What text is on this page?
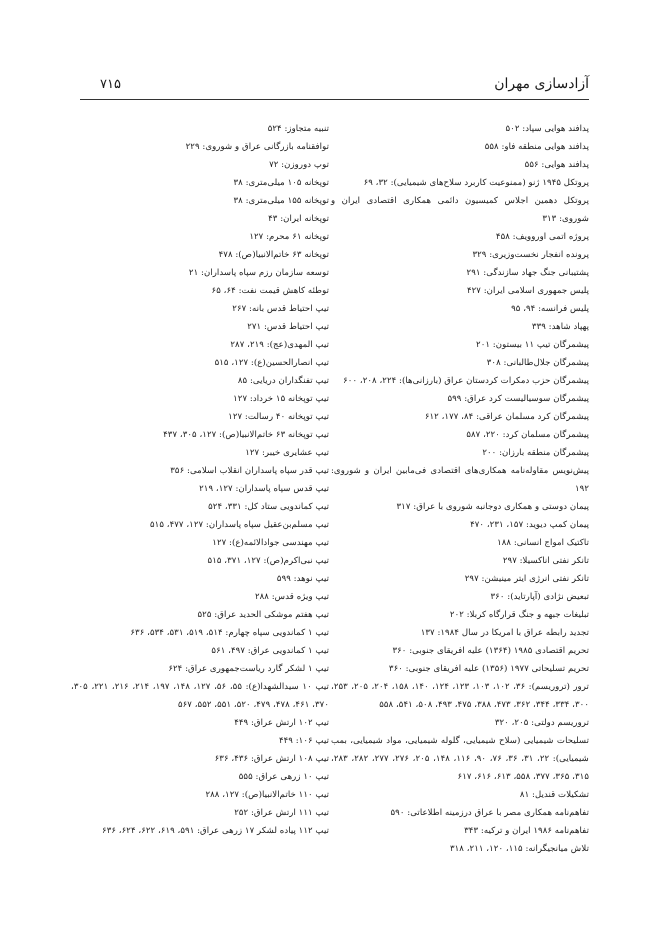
آزادسازی مهران
۷۱۵

پدافند هوایی سپاد: ۵۰۲

پدافند هوایی منطقه فاو: ۵۵۸

پدافند هوایی: ۵۵۶

پروتکل ۱۹۴۵ ژنو (ممنوعیت کاربرد سلاح‌های شیمیایی): ۳۲، ۶۹

پروتکل دهمین اجلاس کمیسیون دائمی همکاری اقتصادی ایران و شوروی: ۳۱۳

پروژه اتمی اوروویف: ۴۵۸

پرونده انفجار نخست‌وزیری: ۳۲۹

پشتیبانی جنگ جهاد سازندگی: ۲۹۱

پلیس جمهوری اسلامی ایران: ۴۲۷

پلیس فرانسه: ۹۴، ۹۵

پهپاد شاهد: ۳۳۹

پیشمرگان تیپ ۱۱ بیستون: ۲۰۱

پیشمرگان جلال‌طالبانی: ۳۰۸

پیشمرگان حزب دمکرات کردستان عراق (بارزانی‌ها): ۲۲۴، ۲۰۸، ۶۰۰

پیشمرگان سوسیالیست کرد عراق: ۵۹۹

پیشمرگان کرد مسلمان عراقی: ۸۴، ۱۷۷، ۶۱۲

پیشمرگان مسلمان کرد: ۲۲۰، ۵۸۷

پیشمرگان منطقه بارزان: ۲۰۰

پیش‌نویس مقاوله‌نامه همکاری‌های اقتصادی فی‌مابین ایران و شوروی: ۱۹۲

پیمان دوستی و همکاری دوجانبه شوروی با عراق: ۳۱۷

پیمان کمپ دیوید: ۱۵۷، ۲۳۱، ۴۷۰

تاکتیک امواج انسانی: ۱۸۸

تانکر نفتی اناکسیلا: ۲۹۷

تانکر نفتی انرژی ایتر مینیشن: ۲۹۷

تبعیض نژادی (آپارتاید): ۳۶۰

تبلیغات جبهه و جنگ قرارگاه کربلا: ۲۰۲

تجدید رابطه عراق با امریکا در سال ۱۹۸۴: ۱۳۷

تحریم اقتصادی ۱۹۸۵ (۱۳۶۴) علیه افریقای جنوبی: ۳۶۰

تحریم تسلیحاتی ۱۹۷۷ (۱۳۵۶) علیه افریقای جنوبی: ۳۶۰

ترور (تروریسم): ۳۶، ۱۰۲، ۱۰۳، ۱۲۳، ۱۲۴، ۱۴۰، ۱۵۸، ۲۰۴، ۲۰۵، ۲۵۳، ۳۰۰، ۳۳۴، ۳۴۴، ۳۶۲، ۴۷۳، ۳۸۸، ۴۷۵، ۴۹۳، ۵۰۸، ۵۴۱، ۵۵۸

تروریسم دولتی: ۲۰۵، ۳۲۰

تسلیحات شیمیایی (سلاح شیمیایی، گلوله شیمیایی، مواد شیمیایی، بمب شیمیایی): ۲۲، ۳۱، ۳۶، ۷۶، ۹۰، ۱۱۶، ۱۴۸، ۲۰۵، ۲۷۶، ۲۷۷، ۲۸۲، ۲۸۳، ۳۱۵، ۳۶۵، ۳۷۷، ۵۵۸، ۶۱۳، ۶۱۶، ۶۱۷

تشکیلات قندیل: ۸۱

تفاهم‌نامه همکاری مصر با عراق درزمینه اطلاعاتی: ۵۹۰

تفاهم‌نامه ۱۹۸۶ ایران و ترکیه: ۳۴۳

تلاش میانجیگرانه: ۱۱۵، ۱۲۰، ۲۱۱، ۳۱۸

تنبیه متجاوز: ۵۲۴

توافقنامه بازرگانی عراق و شوروی: ۲۲۹

توپ دوروزن: ۷۲

توپخانه ۱۰۵ میلی‌متری: ۳۸

توپخانه ۱۵۵ میلی‌متری: ۳۸

توپخانه ایران: ۴۳

توپخانه ۶۱ محرم: ۱۲۷

توپخانه ۶۳ خاتم‌الانبیا(ص): ۴۷۸

توسعه سازمان رزم سپاه پاسداران: ۲۱

توطئه کاهش قیمت نفت: ۶۴، ۶۵

تیپ احتیاط قدس بانه: ۲۶۷

تیپ احتیاط قدس: ۲۷۱

تیپ المهدی(عج): ۲۱۹، ۲۸۷

تیپ انصارالحسین(ع): ۱۲۷، ۵۱۵

تیپ تفنگداران دریایی: ۸۵

تیپ توپخانه ۱۵ خرداد: ۱۲۷

تیپ توپخانه ۴۰ رسالت: ۱۲۷

تیپ توپخانه ۶۳ خاتم‌الانبیا(ص): ۱۲۷، ۳۰۵، ۴۳۷

تیپ عشایری خیبر: ۱۲۷

تیپ قدر سپاه پاسداران انقلاب اسلامی: ۳۵۶

تیپ قدس سپاه پاسداران: ۱۲۷، ۲۱۹

تیپ کماندویی ستاد کل: ۳۳۱، ۵۲۴

تیپ مسلم‌بن‌عقیل سپاه پاسداران: ۱۲۷، ۴۷۷، ۵۱۵

تیپ مهندسی جوادالائمه(ع): ۱۲۷

تیپ نبی‌اکرم(ص): ۱۲۷، ۳۷۱، ۵۱۵

تیپ نوهد: ۵۹۹

تیپ ویژه قدس: ۲۸۸

تیپ هفتم موشکی الحدید عراق: ۵۲۵

تیپ ۱ کماندویی سپاه چهارم: ۵۱۴، ۵۱۹، ۵۳۱، ۵۳۴، ۶۳۶

تیپ ۱ کماندویی عراق: ۴۹۷، ۵۶۱

تیپ ۱ لشکر گارد ریاست‌جمهوری عراق: ۶۲۴

تیپ ۱۰ سیدالشهدا(ع): ۵۵، ۵۶، ۱۲۷، ۱۴۸، ۱۹۷، ۲۱۴، ۲۱۶، ۲۲۱، ۳۰۵، ۳۷۰، ۴۶۱، ۴۷۸، ۴۷۹، ۵۲۰، ۵۵۱، ۵۵۲، ۵۶۷

تیپ ۱۰۲ ارتش عراق: ۴۴۹

تیپ ۱۰۶: ۴۴۹

تیپ ۱۰۸ ارتش عراق: ۴۳۶، ۶۳۶

تیپ ۱۰ زرهی عراق: ۵۵۵

تیپ ۱۱۰ خاتم‌الانبیا(ص): ۱۲۷، ۲۸۸

تیپ ۱۱۱ ارتش عراق: ۲۵۲

تیپ ۱۱۲ پیاده لشکر ۱۷ زرهی عراق: ۵۹۱، ۶۱۹، ۶۲۲، ۶۲۴، ۶۳۶
